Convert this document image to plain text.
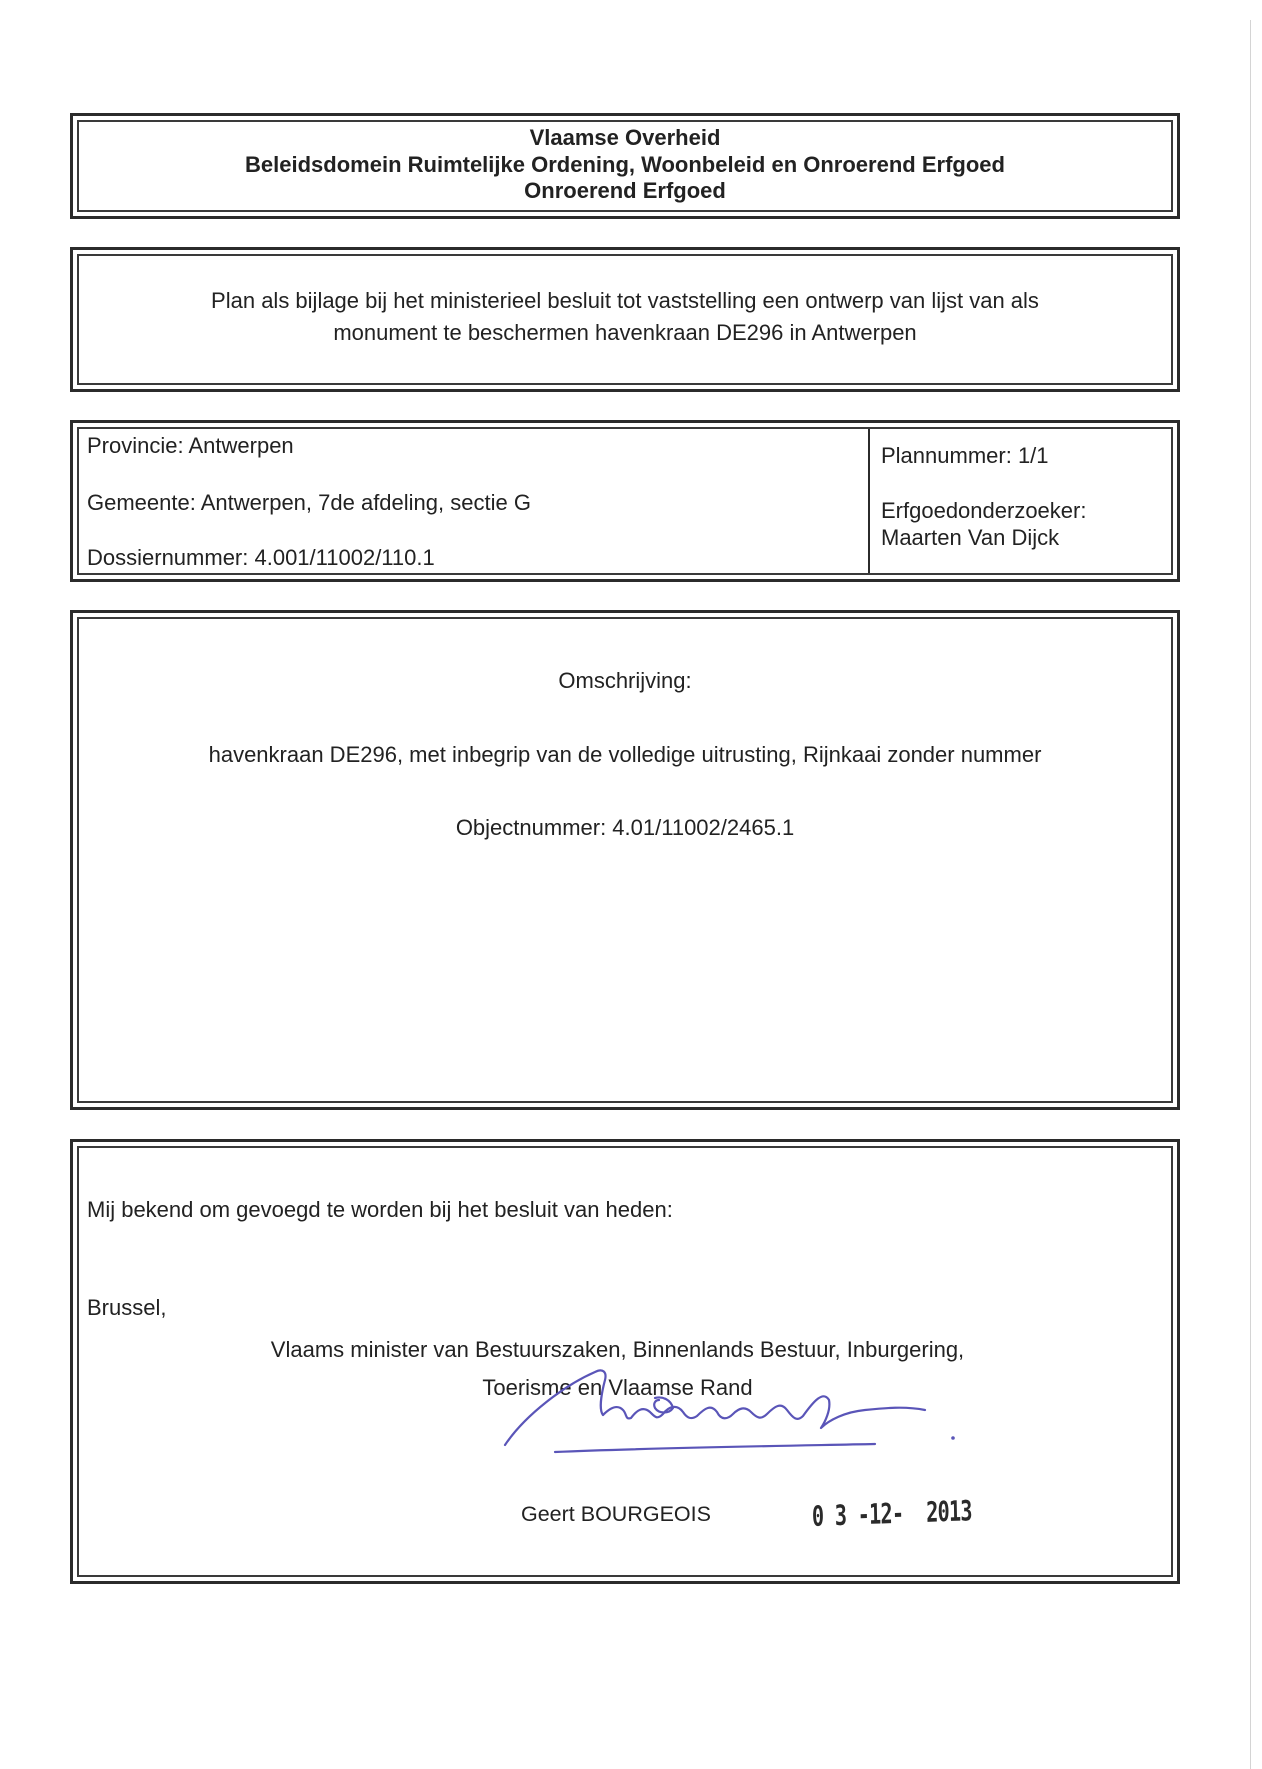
Vlaamse Overheid
Beleidsdomein Ruimtelijke Ordening, Woonbeleid en Onroerend Erfgoed
Onroerend Erfgoed
Plan als bijlage bij het ministerieel besluit tot vaststelling een ontwerp van lijst van als
monument te beschermen havenkraan DE296 in Antwerpen
Provincie: Antwerpen
Gemeente: Antwerpen, 7de afdeling, sectie G
Dossiernummer: 4.001/11002/110.1
Plannummer: 1/1
Erfgoedonderzoeker:
Maarten Van Dijck
Omschrijving:
havenkraan DE296, met inbegrip van de volledige uitrusting, Rijnkaai zonder nummer
Objectnummer: 4.01/11002/2465.1
Mij bekend om gevoegd te worden bij het besluit van heden:
Brussel,
Vlaams minister van Bestuurszaken, Binnenlands Bestuur, Inburgering,
Toerisme en Vlaamse Rand
Geert BOURGEOIS	0 3 -12-  2013
